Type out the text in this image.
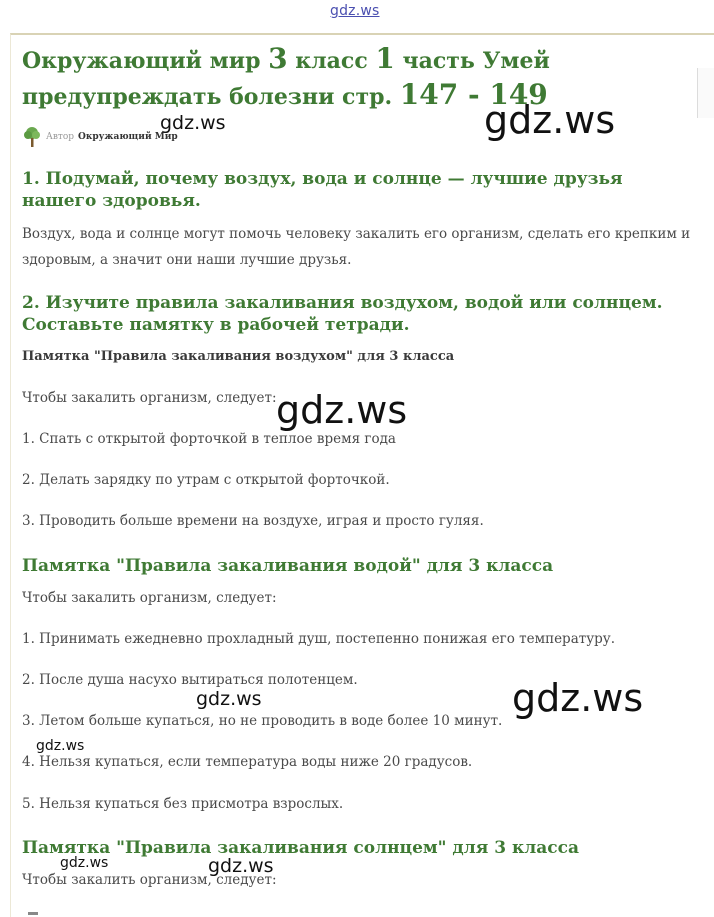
gdz.ws
Окружающий мир 3 класс 1 часть Умей предупреждать болезни стр. 147 - 149
Автор Окружающий Мир
1. Подумай, почему воздух, вода и солнце — лучшие друзья нашего здоровья.

Воздух, вода и солнце могут помочь человеку закалить его организм, сделать его крепким и здоровым, а значит они наши лучшие друзья.

2. Изучите правила закаливания воздухом, водой или солнцем. Составьте памятку в рабочей тетради.

Памятка "Правила закаливания воздухом" для 3 класса

Чтобы закалить организм, следует:

1. Спать с открытой форточкой в теплое время года

2. Делать зарядку по утрам с открытой форточкой.

3. Проводить больше времени на воздухе, играя и просто гуляя.

Памятка "Правила закаливания водой" для 3 класса

Чтобы закалить организм, следует:

1. Принимать ежедневно прохладный душ, постепенно понижая его температуру.

2. После душа насухо вытираться полотенцем.

3. Летом больше купаться, но не проводить в воде более 10 минут.

4. Нельзя купаться, если температура воды ниже 20 градусов.

5. Нельзя купаться без присмотра взрослых.

Памятка "Правила закаливания солнцем" для 3 класса

Чтобы закалить организм, следует:

gdz.ws	gdz.ws
gdz.ws
gdz.ws	gdz.ws
gdz.ws
gdz.ws	gdz.ws
